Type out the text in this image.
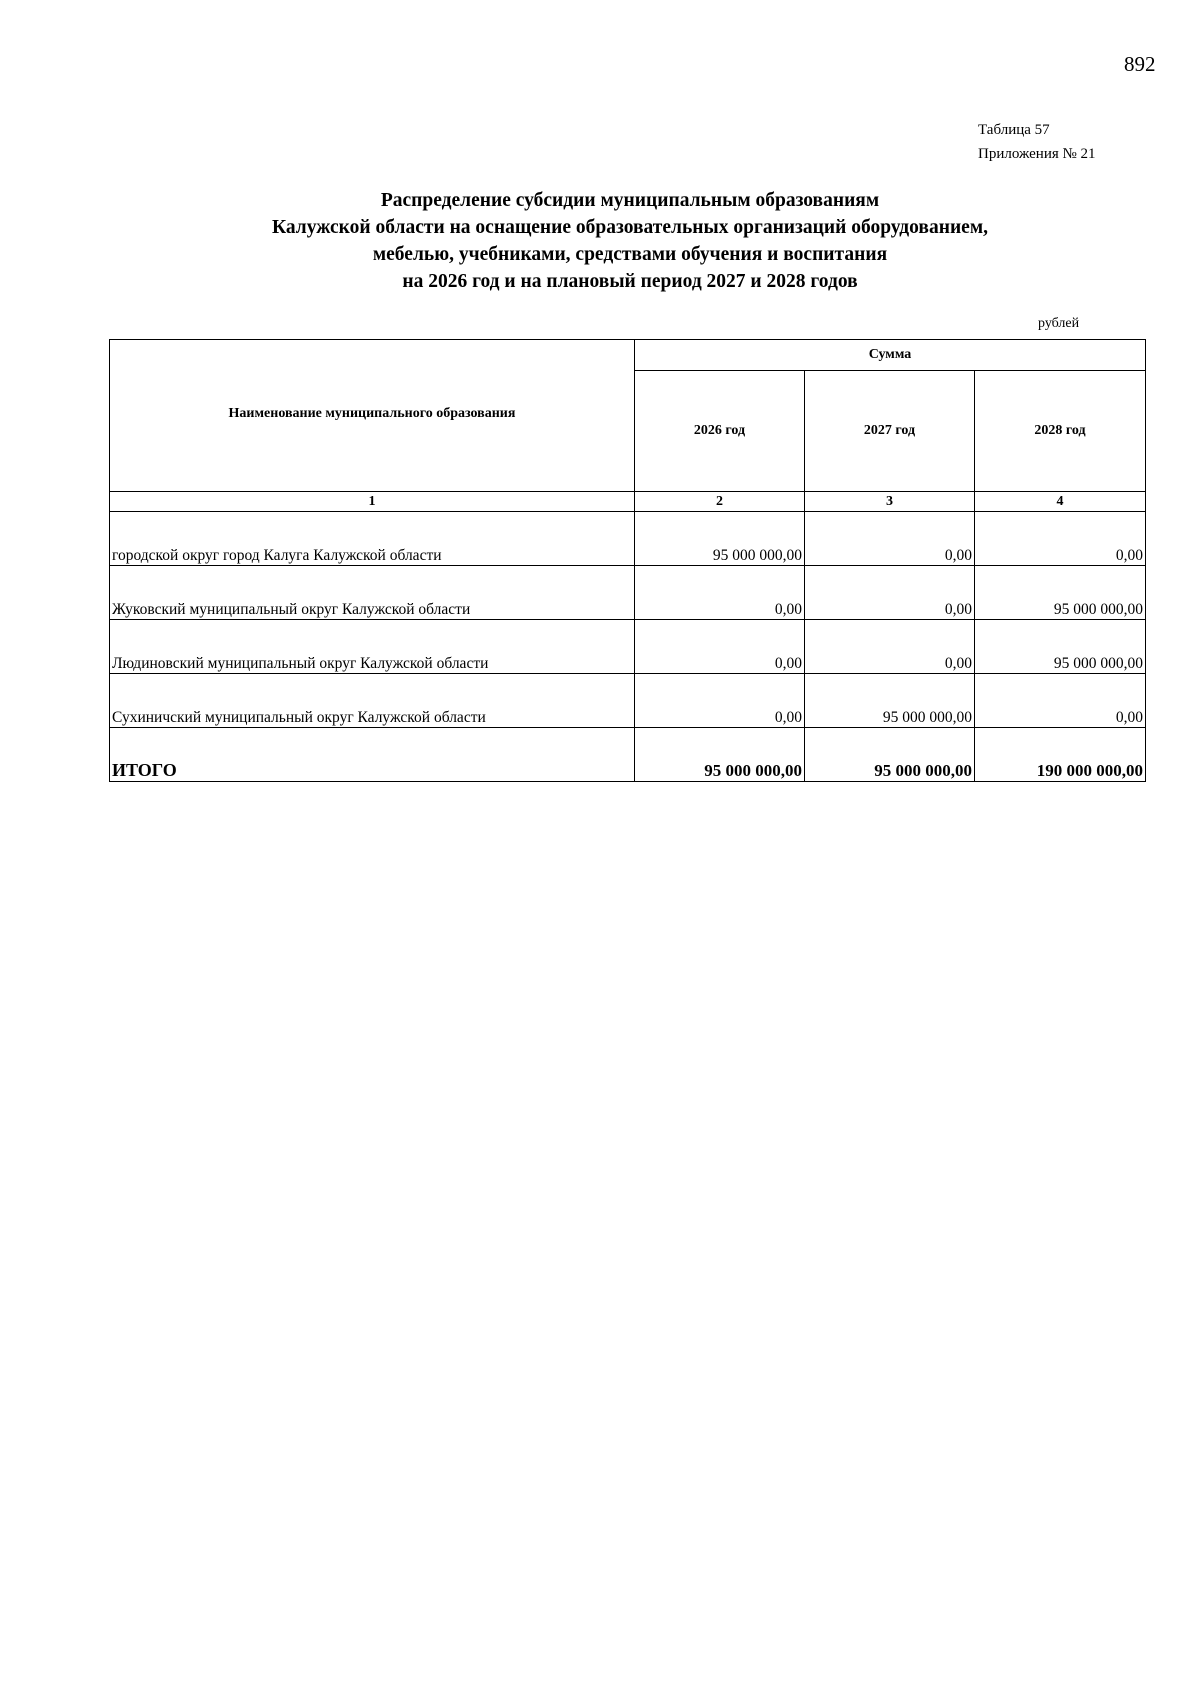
892
Таблица 57
Приложения № 21
Распределение субсидии муниципальным образованиям
Калужской области на оснащение образовательных организаций оборудованием,
мебелью, учебниками, средствами обучения и воспитания
на 2026 год и на плановый период 2027 и 2028 годов
рублей
Наименование муниципального образования	Сумма		
	2026 год	2027 год	2028 год
1	2	3	4
городской округ город Калуга Калужской области	95 000 000,00	0,00	0,00
Жуковский муниципальный округ Калужской области	0,00	0,00	95 000 000,00
Людиновский муниципальный округ Калужской области	0,00	0,00	95 000 000,00
Сухиничский муниципальный округ Калужской области	0,00	95 000 000,00	0,00
ИТОГО	95 000 000,00	95 000 000,00	190 000 000,00
